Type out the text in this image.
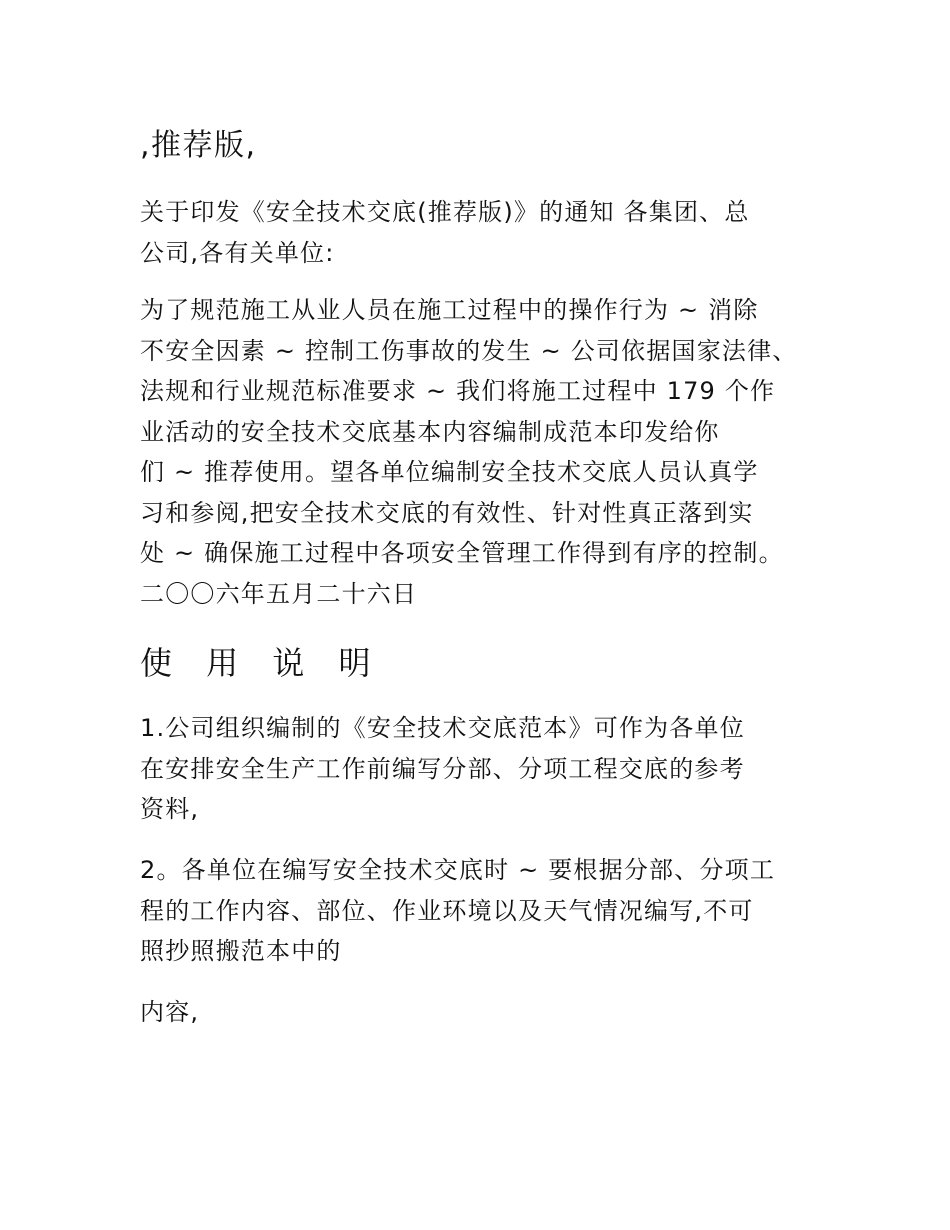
,推荐版,

关于印发《安全技术交底(推荐版)》的通知 各集团、总
公司,各有关单位:

为了规范施工从业人员在施工过程中的操作行为 ~ 消除
不安全因素 ~ 控制工伤事故的发生 ~ 公司依据国家法律、
法规和行业规范标准要求 ~ 我们将施工过程中 179 个作
业活动的安全技术交底基本内容编制成范本印发给你
们 ~ 推荐使用。望各单位编制安全技术交底人员认真学
习和参阅,把安全技术交底的有效性、针对性真正落到实
处 ~ 确保施工过程中各项安全管理工作得到有序的控制。
二〇〇六年五月二十六日

使 用 说 明

1.公司组织编制的《安全技术交底范本》可作为各单位
在安排安全生产工作前编写分部、分项工程交底的参考
资料,

2。各单位在编写安全技术交底时 ~ 要根据分部、分项工
程的工作内容、部位、作业环境以及天气情况编写,不可
照抄照搬范本中的

内容,
